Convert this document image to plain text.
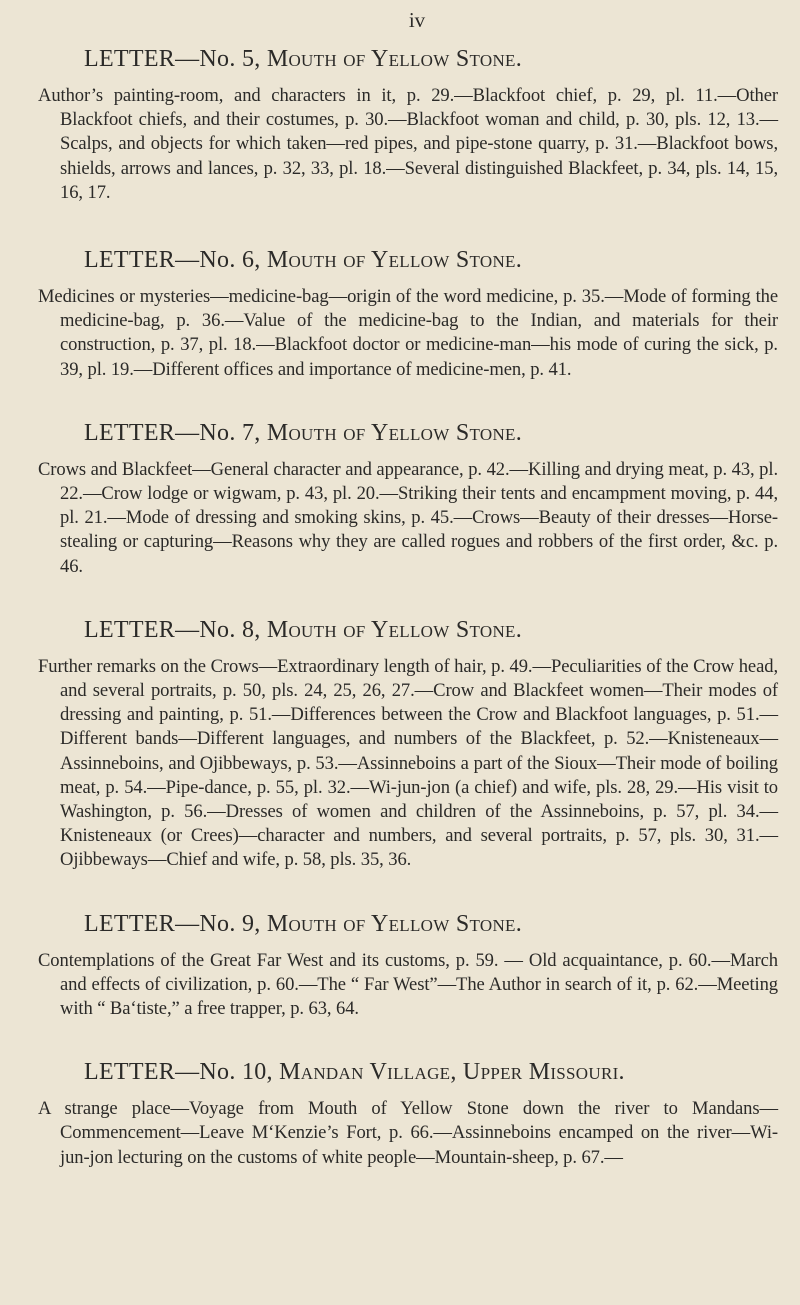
iv
LETTER—No. 5, Mouth of Yellow Stone.

Author’s painting-room, and characters in it, p. 29.—Blackfoot chief, p. 29, pl. 11.—Other Blackfoot chiefs, and their costumes, p. 30.—Blackfoot woman and child, p. 30, pls. 12, 13.—Scalps, and objects for which taken—red pipes, and pipe-stone quarry, p. 31.—Blackfoot bows, shields, arrows and lances, p. 32, 33, pl. 18.—Several distinguished Blackfeet, p. 34, pls. 14, 15, 16, 17.

LETTER—No. 6, Mouth of Yellow Stone.

Medicines or mysteries—medicine-bag—origin of the word medicine, p. 35.—Mode of forming the medicine-bag, p. 36.—Value of the medicine-bag to the Indian, and materials for their construction, p. 37, pl. 18.—Blackfoot doctor or medicine-man—his mode of curing the sick, p. 39, pl. 19.—Different offices and importance of medicine-men, p. 41.

LETTER—No. 7, Mouth of Yellow Stone.

Crows and Blackfeet—General character and appearance, p. 42.—Killing and drying meat, p. 43, pl. 22.—Crow lodge or wigwam, p. 43, pl. 20.—Striking their tents and encampment moving, p. 44, pl. 21.—Mode of dressing and smoking skins, p. 45.—Crows—Beauty of their dresses—Horse-stealing or capturing—Reasons why they are called rogues and robbers of the first order, &c. p. 46.

LETTER—No. 8, Mouth of Yellow Stone.

Further remarks on the Crows—Extraordinary length of hair, p. 49.—Peculiarities of the Crow head, and several portraits, p. 50, pls. 24, 25, 26, 27.—Crow and Blackfeet women—Their modes of dressing and painting, p. 51.—Differences between the Crow and Blackfoot languages, p. 51.—Different bands—Different languages, and numbers of the Blackfeet, p. 52.—Knisteneaux—Assinneboins, and Ojibbeways, p. 53.—Assinneboins a part of the Sioux—Their mode of boiling meat, p. 54.—Pipe-dance, p. 55, pl. 32.—Wi-jun-jon (a chief) and wife, pls. 28, 29.—His visit to Washington, p. 56.—Dresses of women and children of the Assinneboins, p. 57, pl. 34.—Knisteneaux (or Crees)—character and numbers, and several portraits, p. 57, pls. 30, 31.—Ojibbeways—Chief and wife, p. 58, pls. 35, 36.

LETTER—No. 9, Mouth of Yellow Stone.

Contemplations of the Great Far West and its customs, p. 59. — Old acquaintance, p. 60.—March and effects of civilization, p. 60.—The “ Far West”—The Author in search of it, p. 62.—Meeting with “ Ba‘tiste,” a free trapper, p. 63, 64.

LETTER—No. 10, Mandan Village, Upper Missouri.

A strange place—Voyage from Mouth of Yellow Stone down the river to Mandans—Commencement—Leave M‘Kenzie’s Fort, p. 66.—Assinneboins encamped on the river—Wi-jun-jon lecturing on the customs of white people—Mountain-sheep, p. 67.—
